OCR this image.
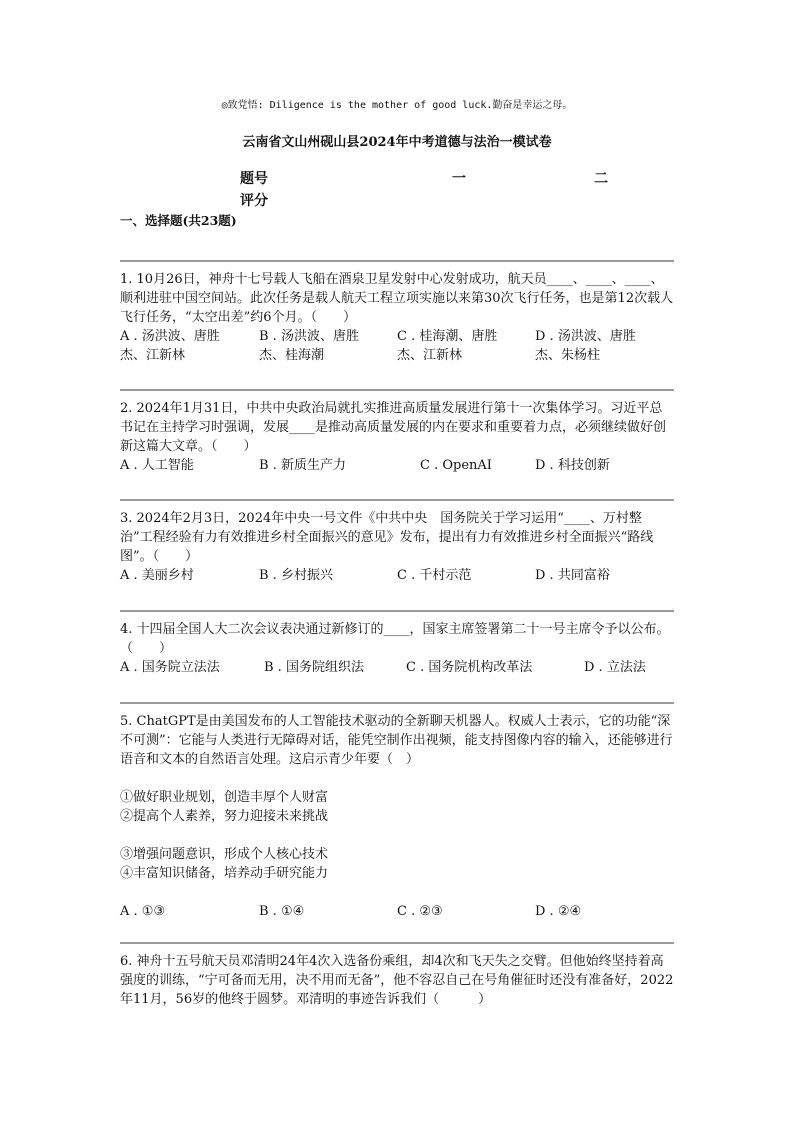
◎致党悟: Diligence is the mother of good luck.勤奋是幸运之母。
云南省文山州砚山县2024年中考道德与法治一模试卷
题号	一	二
评分
一、选择题(共23题)

1. 10月26日，神舟十七号载人飞船在酒泉卫星发射中心发射成功，航天员____、____、____、顺利进驻中国空间站。此次任务是载人航天工程立项实施以来第30次飞行任务，也是第12次载人飞行任务，“太空出差”约6个月。（　　）

A . 汤洪波、唐胜
杰、江新林
B . 汤洪波、唐胜
杰、桂海潮
C . 桂海潮、唐胜
杰、江新林
D . 汤洪波、唐胜
杰、朱杨柱

2. 2024年1月31日，中共中央政治局就扎实推进高质量发展进行第十一次集体学习。习近平总书记在主持学习时强调，发展____是推动高质量发展的内在要求和重要着力点，必须继续做好创新这篇大文章。（　　）

A . 人工智能	B . 新质生产力	C . OpenAI	D . 科技创新

3. 2024年2月3日，2024年中央一号文件《中共中央　国务院关于学习运用“____、万村整治”工程经验有力有效推进乡村全面振兴的意见》发布，提出有力有效推进乡村全面振兴“路线图”。（　　）

A . 美丽乡村	B . 乡村振兴	C . 千村示范	D . 共同富裕

4. 十四届全国人大二次会议表决通过新修订的____，国家主席签署第二十一号主席令予以公布。（　　）

A . 国务院立法法	B . 国务院组织法	C . 国务院机构改革法	D . 立法法

5. ChatGPT是由美国发布的人工智能技术驱动的全新聊天机器人。权威人士表示，它的功能“深不可测”：它能与人类进行无障碍对话，能凭空制作出视频，能支持图像内容的输入，还能够进行语音和文本的自然语言处理。这启示青少年要（　）

①做好职业规划，创造丰厚个人财富

②提高个人素养，努力迎接未来挑战

③增强问题意识，形成个人核心技术

④丰富知识储备，培养动手研究能力

A . ①③	B . ①④	C . ②③	D . ②④

6. 神舟十五号航天员邓清明24年4次入选备份乘组，却4次和飞天失之交臂。但他始终坚持着高强度的训练，“宁可备而无用，决不用而无备”，他不容忍自己在号角催征时还没有准备好，2022年11月，56岁的他终于圆梦。邓清明的事迹告诉我们（　　　）
